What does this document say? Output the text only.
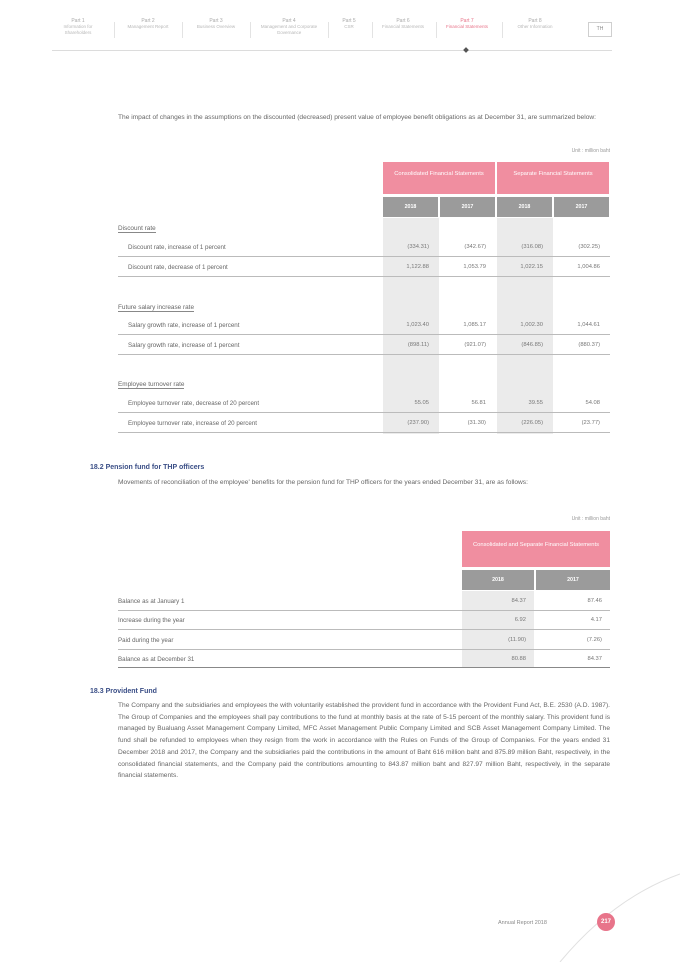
Part 1
Information for Shareholders
Part 2
Management Report
Part 3
Business Overview
Part 4
Management and Corporate Governance
Part 5
CSR
Part 6
Financial Statements
Part 7
Financial Statements
Part 8
Other Information	TH

The impact of changes in the assumptions on the discounted (decreased) present value of employee benefit obligations as at December 31, are summarized below:

Unit : million baht
Consolidated Financial Statements	Separate Financial Statements
2018	2017	2018	2017
Discount rate
Discount rate, increase of 1 percent	(334.31)	(342.67)	(316.08)	(302.25)
Discount rate, decrease of 1 percent	1,122.88	1,053.79	1,022.15	1,004.86
Future salary increase rate
Salary growth rate, increase of 1 percent	1,023.40	1,085.17	1,002.30	1,044.61
Salary growth rate, increase of 1 percent	(898.11)	(921.07)	(846.85)	(880.37)
Employee turnover rate
Employee turnover rate, decrease of 20 percent	55.05	56.81	39.55	54.08
Employee turnover rate, increase of 20 percent	(237.90)	(31.30)	(226.05)	(23.77)
18.2 Pension fund for THP officers

Movements of reconciliation of the employee' benefits for the pension fund for THP officers for the years ended December 31, are as follows:

Unit : million baht
Consolidated and Separate Financial Statements
2018	2017
Balance as at January 1	84.37	87.46
Increase during the year	6.92	4.17
Paid during the year	(11.90)	(7.26)
Balance as at December 31	80.88	84.37
18.3 Provident Fund

The Company and the subsidiaries and employees the with voluntarily established the provident fund in accordance with the Provident Fund Act, B.E. 2530 (A.D. 1987). The Group of Companies and the employees shall pay contributions to the fund at monthly basis at the rate of 5-15 percent of the monthly salary. This provident fund is managed by Bualuang Asset Management Company Limited, MFC Asset Management Public Company Limited and SCB Asset Management Company Limited. The fund shall be refunded to employees when they resign from the work in accordance with the Rules on Funds of the Group of Companies. For the years ended 31 December 2018 and 2017, the Company and the subsidiaries paid the contributions in the amount of Baht 616 million baht and 875.89 million Baht, respectively, in the consolidated financial statements, and the Company paid the contributions amounting to 843.87 million baht and 827.97 million Baht, respectively, in the separate financial statements.

Annual Report 2018	217
